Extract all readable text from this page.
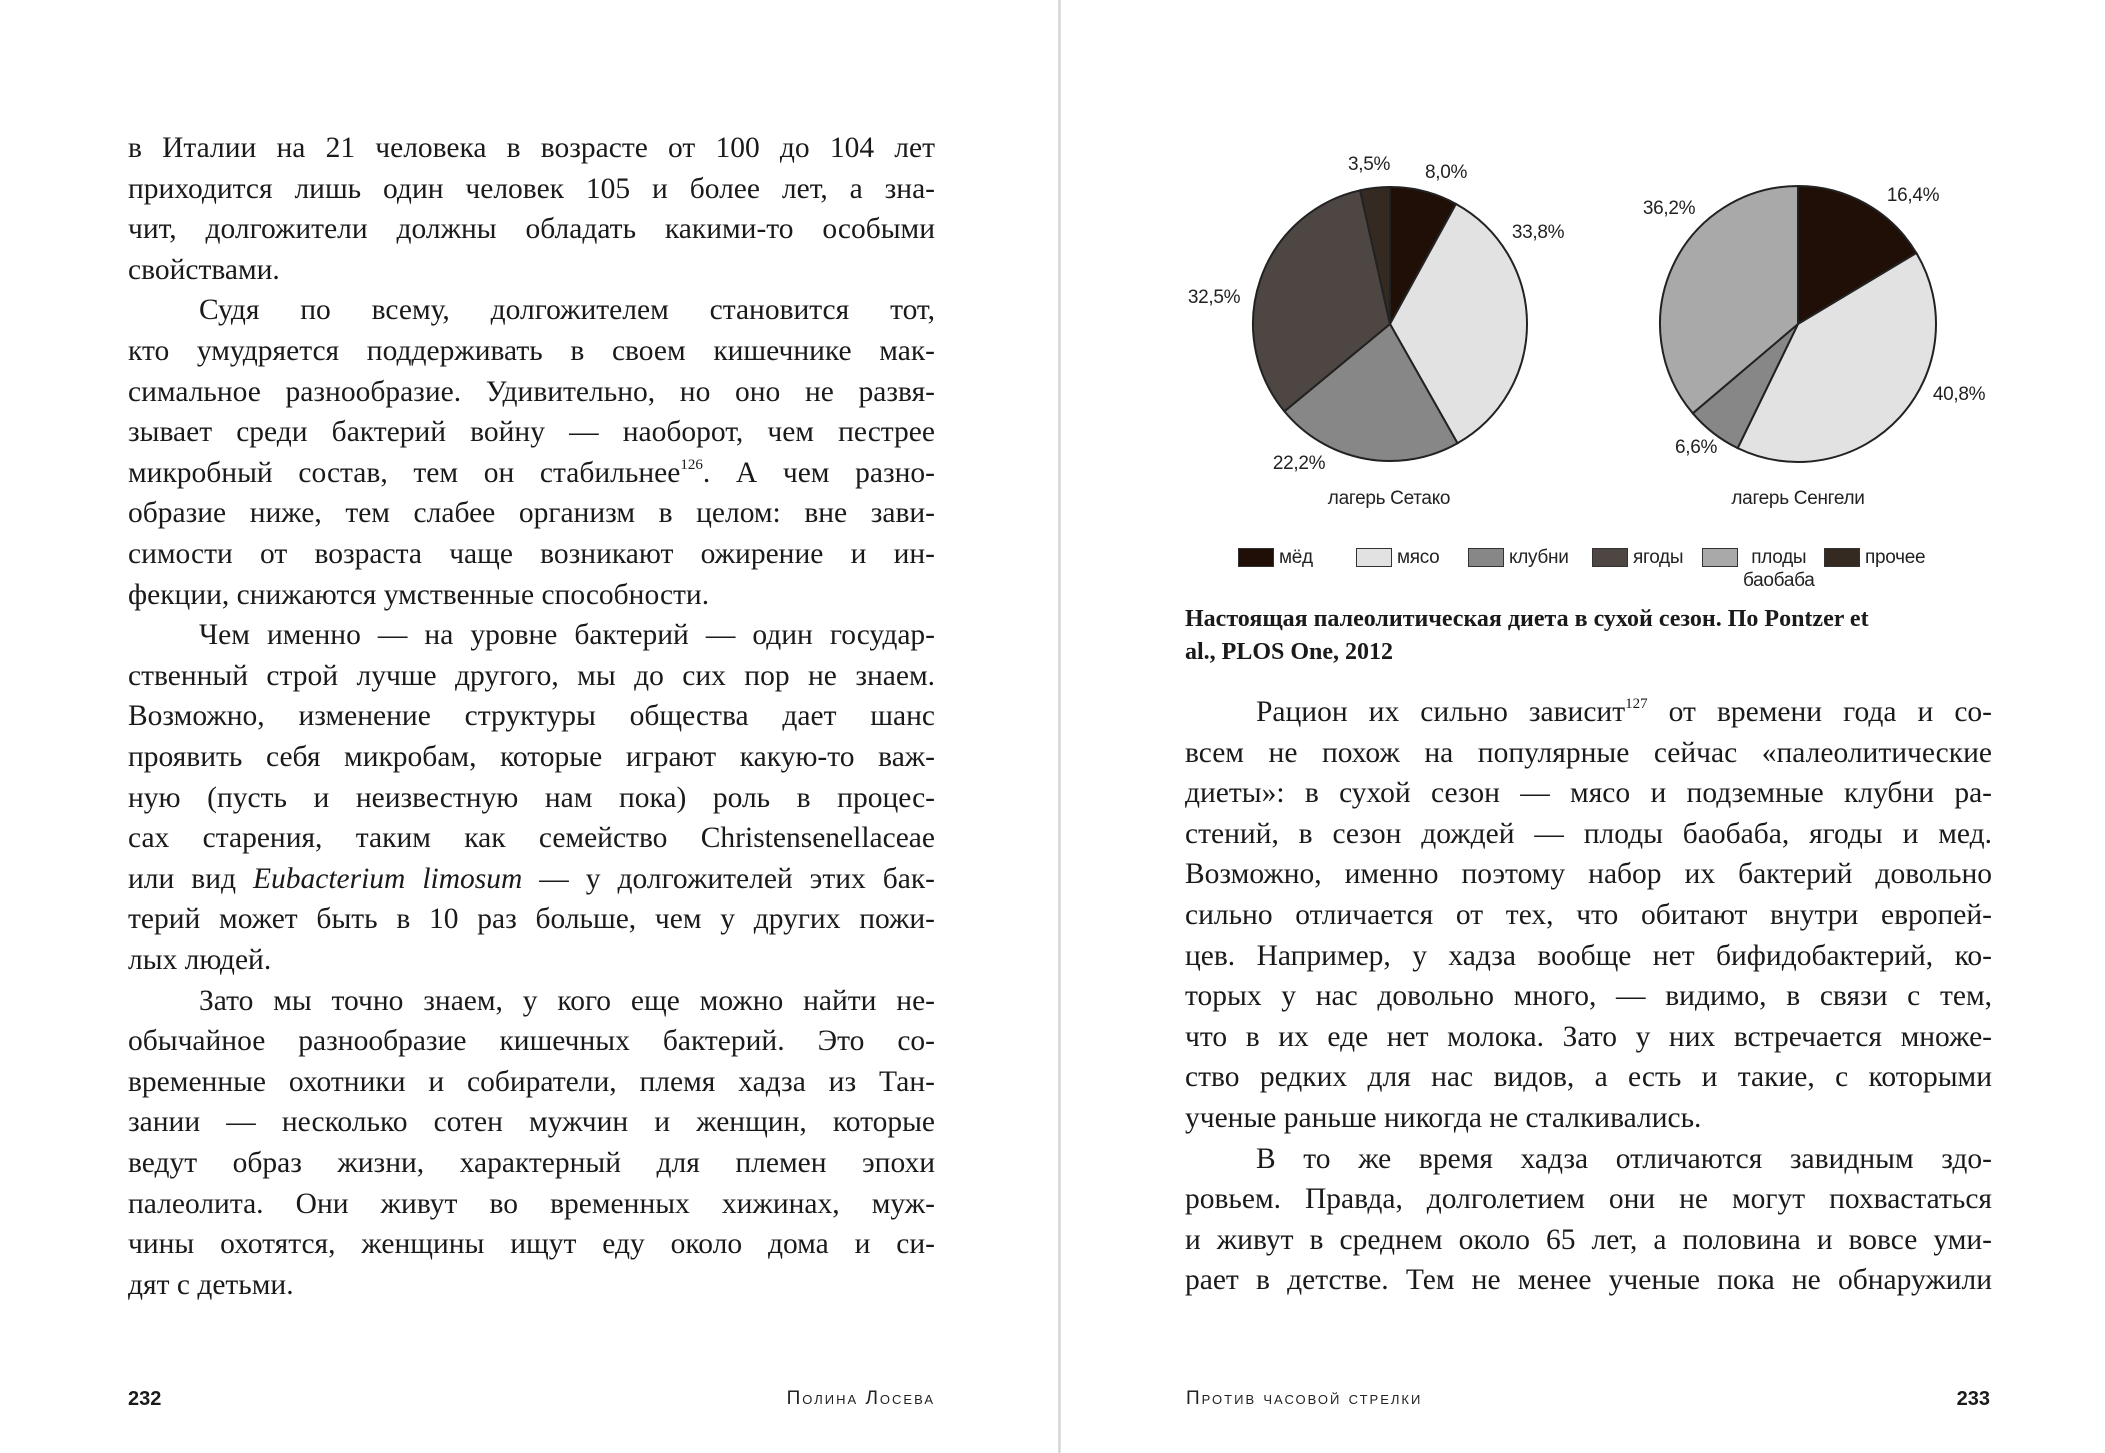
в Италии на 21 человека в возрасте от 100 до 104 лет
приходится лишь один человек 105 и более лет, а зна-
чит, долгожители должны обладать какими-то особыми
свойствами.
Судя по всему, долгожителем становится тот,
кто умудряется поддерживать в своем кишечнике мак-
симальное разнообразие. Удивительно, но оно не развя-
зывает среди бактерий войну — наоборот, чем пестрее
микробный состав, тем он стабильнее$^{126}$. А чем разно-
образие ниже, тем слабее организм в целом: вне зави-
симости от возраста чаще возникают ожирение и ин-
фекции, снижаются умственные способности.
Чем именно — на уровне бактерий — один государ-
ственный строй лучше другого, мы до сих пор не знаем.
Возможно, изменение структуры общества дает шанс
проявить себя микробам, которые играют какую-то важ-
ную (пусть и неизвестную нам пока) роль в процес-
сах старения, таким как семейство Christensenellaceae
или вид Eubacterium limosum — у долгожителей этих бак-
терий может быть в 10 раз больше, чем у других пожи-
лых людей.
Зато мы точно знаем, у кого еще можно найти не-
обычайное разнообразие кишечных бактерий. Это со-
временные охотники и собиратели, племя хадза из Тан-
зании — несколько сотен мужчин и женщин, которые
ведут образ жизни, характерный для племен эпохи
палеолита. Они живут во временных хижинах, муж-
чины охотятся, женщины ищут еду около дома и си-
дят с детьми.
Рацион их сильно зависит$^{127}$ от времени года и со-
всем не похож на популярные сейчас «палеолитические
диеты»: в сухой сезон — мясо и подземные клубни ра-
стений, в сезон дождей — плоды баобаба, ягоды и мед.
Возможно, именно поэтому набор их бактерий довольно
сильно отличается от тех, что обитают внутри европей-
цев. Например, у хадза вообще нет бифидобактерий, ко-
торых у нас довольно много, — видимо, в связи с тем,
что в их еде нет молока. Зато у них встречается множе-
ство редких для нас видов, а есть и такие, с которыми
ученые раньше никогда не сталкивались.
В то же время хадза отличаются завидным здо-
ровьем. Правда, долголетием они не могут похвастаться
и живут в среднем около 65 лет, а половина и вовсе уми-
рает в детстве. Тем не менее ученые пока не обнаружили
8,0%
33,8%
22,2%
32,5%
3,5%
лагерь Сетако
16,4%
40,8%
6,6%
36,2%
лагерь Сенгели
мёд	мясо	клубни	ягоды	плоды
баобаба
прочее
Настоящая палеолитическая диета в сухой сезон. По Pontzer et
al., PLOS One, 2012
232	Полина Лосева	Против часовой стрелки	233
